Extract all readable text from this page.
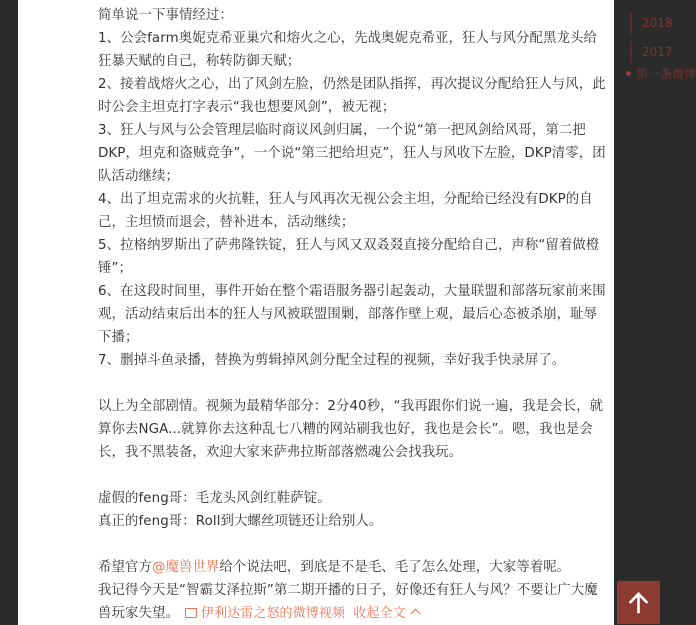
简单说一下事情经过：

1、公会farm奥妮克希亚巢穴和熔火之心，先战奥妮克希亚，狂人与风分配黑龙头给狂暴天赋的自己，称转防御天赋；

2、接着战熔火之心，出了风剑左脸，仍然是团队指挥，再次提议分配给狂人与风，此时公会主坦克打字表示“我也想要风剑”，被无视；

3、狂人与风与公会管理层临时商议风剑归属，一个说“第一把风剑给风哥，第二把DKP，坦克和盗贼竞争”，一个说“第三把给坦克”，狂人与风收下左脸，DKP清零，团队活动继续；

4、出了坦克需求的火抗鞋，狂人与风再次无视公会主坦，分配给已经没有DKP的自己，主坦愤而退会，替补进本，活动继续；

5、拉格纳罗斯出了萨弗隆铁锭，狂人与风又双叒叕直接分配给自己，声称“留着做橙锤”；

6、在这段时间里，事件开始在整个霜语服务器引起轰动，大量联盟和部落玩家前来围观，活动结束后出本的狂人与风被联盟围剿，部落作壁上观，最后心态被杀崩，耻辱下播；

7、删掉斗鱼录播，替换为剪辑掉风剑分配全过程的视频，幸好我手快录屏了。

以上为全部剧情。视频为最精华部分：2分40秒，“我再跟你们说一遍，我是会长，就算你去NGA...就算你去这种乱七八糟的网站刷我也好，我也是会长”。嗯，我也是会长，我不黑装备，欢迎大家来萨弗拉斯部落燃魂公会找我玩。

虚假的feng哥：毛龙头风剑红鞋萨锭。

真正的feng哥：Roll到大螺丝项链还让给别人。

希望官方@魔兽世界给个说法吧，到底是不是毛、毛了怎么处理，大家等着呢。

我记得今天是“智霸艾泽拉斯”第二期开播的日子，好像还有狂人与风？不要让广大魔兽玩家失望。 伊利达雷之怒的微博视频 收起全文

2018
2017
第一条微博
